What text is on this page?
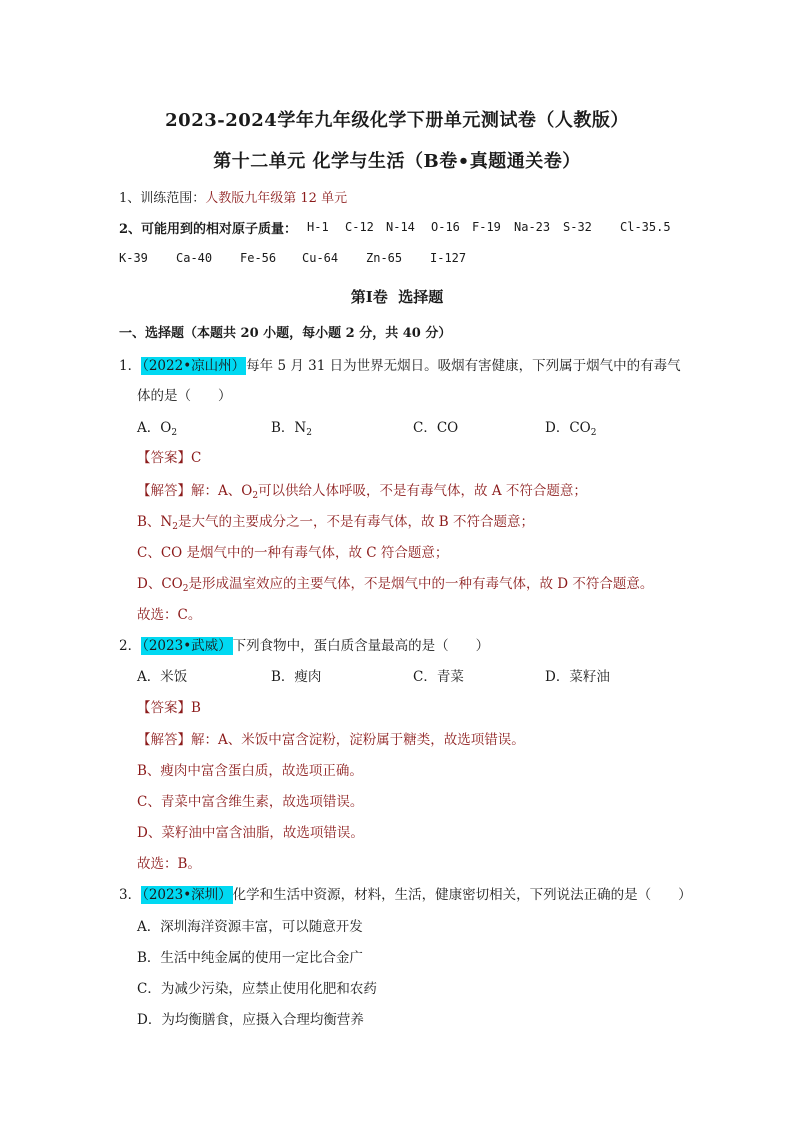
2023-2024学年九年级化学下册单元测试卷（人教版）
第十二单元 化学与生活（B卷•真题通关卷）
1、训练范围：人教版九年级第 12 单元
2、可能用到的相对原子质量： H-1 C-12 N-14 O-16 F-19 Na-23 S-32 Cl-35.5
K-39 Ca-40 Fe-56 Cu-64 Zn-65 I-127
第Ⅰ卷  选择题
一、选择题（本题共 20 小题，每小题 2 分，共 40 分）
1．（2022•凉山州）每年 5 月 31 日为世界无烟日。吸烟有害健康，下列属于烟气中的有毒气
体的是（　　）
A．$O_2$	B．$N_2$	C．CO	D．$CO_2$
【答案】C
【解答】解：A、$O_2$可以供给人体呼吸，不是有毒气体，故 A 不符合题意；
B、$N_2$是大气的主要成分之一，不是有毒气体，故 B 不符合题意；
C、CO 是烟气中的一种有毒气体，故 C 符合题意；
D、$CO_2$是形成温室效应的主要气体，不是烟气中的一种有毒气体，故 D 不符合题意。
故选：C。
2．（2023•武威）下列食物中，蛋白质含量最高的是（　　）
A．米饭	B．瘦肉	C．青菜	D．菜籽油
【答案】B
【解答】解：A、米饭中富含淀粉，淀粉属于糖类，故选项错误。
B、瘦肉中富含蛋白质，故选项正确。
C、青菜中富含维生素，故选项错误。
D、菜籽油中富含油脂，故选项错误。
故选：B。
3．（2023•深圳）化学和生活中资源，材料，生活，健康密切相关，下列说法正确的是（　　）
A．深圳海洋资源丰富，可以随意开发
B．生活中纯金属的使用一定比合金广
C．为减少污染，应禁止使用化肥和农药
D．为均衡膳食，应摄入合理均衡营养
